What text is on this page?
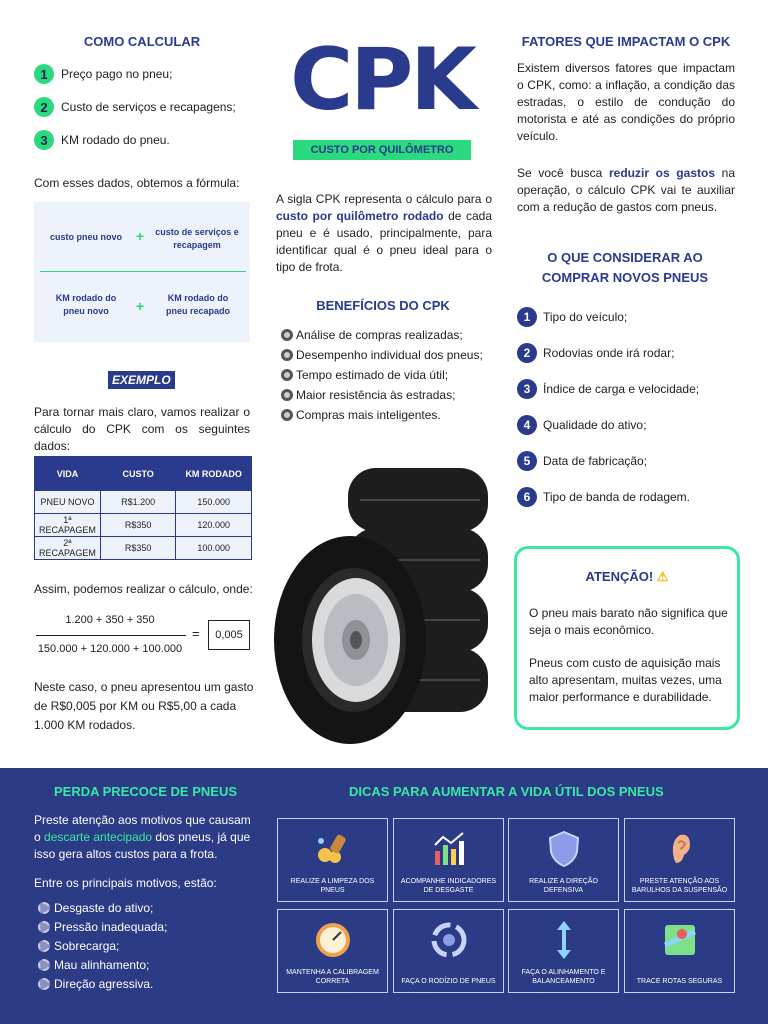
COMO CALCULAR
1	Preço pago no pneu;
2	Custo de serviços e recapagens;
3	KM rodado do pneu.
Com esses dados, obtemos a fórmula:
custo pneu novo	+	custo de serviços e recapagem
KM rodado do pneu novo	+	KM rodado do pneu recapado
EXEMPLO
Para tornar mais claro, vamos realizar o cálculo do CPK com os seguintes dados:
VIDA	CUSTO	KM RODADO
PNEU NOVO	R$1.200	150.000
1ª RECAPAGEM	R$350	120.000
2ª RECAPAGEM	R$350	100.000
Assim, podemos realizar o cálculo, onde:
1.200 + 350 + 350
150.000 + 120.000 + 100.000
=	0,005
Neste caso, o pneu apresentou um gasto de R$0,005 por KM ou R$5,00 a cada 1.000 KM rodados.
CPK
CUSTO POR QUILÔMETRO
A sigla CPK representa o cálculo para o custo por quilômetro rodado de cada pneu e é usado, principalmente, para identificar qual é o pneu ideal para o tipo de frota.
BENEFÍCIOS DO CPK
Análise de compras realizadas;
Desempenho individual dos pneus;
Tempo estimado de vida útil;
Maior resistência às estradas;
Compras mais inteligentes.
FATORES QUE IMPACTAM O CPK
Existem diversos fatores que impactam o CPK, como: a inflação, a condição das estradas, o estilo de condução do motorista e até as condições do próprio veículo.
Se você busca reduzir os gastos na operação, o cálculo CPK vai te auxiliar com a redução de gastos com pneus.
O QUE CONSIDERAR AO COMPRAR NOVOS PNEUS
1	Tipo do veículo;
2	Rodovias onde irá rodar;
3	Índice de carga e velocidade;
4	Qualidade do ativo;
5	Data de fabricação;
6	Tipo de banda de rodagem.
ATENÇÃO! ⚠
O pneu mais barato não significa que seja o mais econômico.
Pneus com custo de aquisição mais alto apresentam, muitas vezes, uma maior performance e durabilidade.
PERDA PRECOCE DE PNEUS
Preste atenção aos motivos que causam o descarte antecipado dos pneus, já que isso gera altos custos para a frota.
Entre os principais motivos, estão:
Desgaste do ativo;
Pressão inadequada;
Sobrecarga;
Mau alinhamento;
Direção agressiva.
DICAS PARA AUMENTAR A VIDA ÚTIL DOS PNEUS
REALIZE A LIMPEZA DOS PNEUS
ACOMPANHE INDICADORES DE DESGASTE
REALIZE A DIREÇÃO DEFENSIVA
PRESTE ATENÇÃO AOS BARULHOS DA SUSPENSÃO
MANTENHA A CALIBRAGEM CORRETA	FAÇA O RODÍZIO DE PNEUS
FAÇA O ALINHAMENTO E BALANCEAMENTO	TRACE ROTAS SEGURAS
